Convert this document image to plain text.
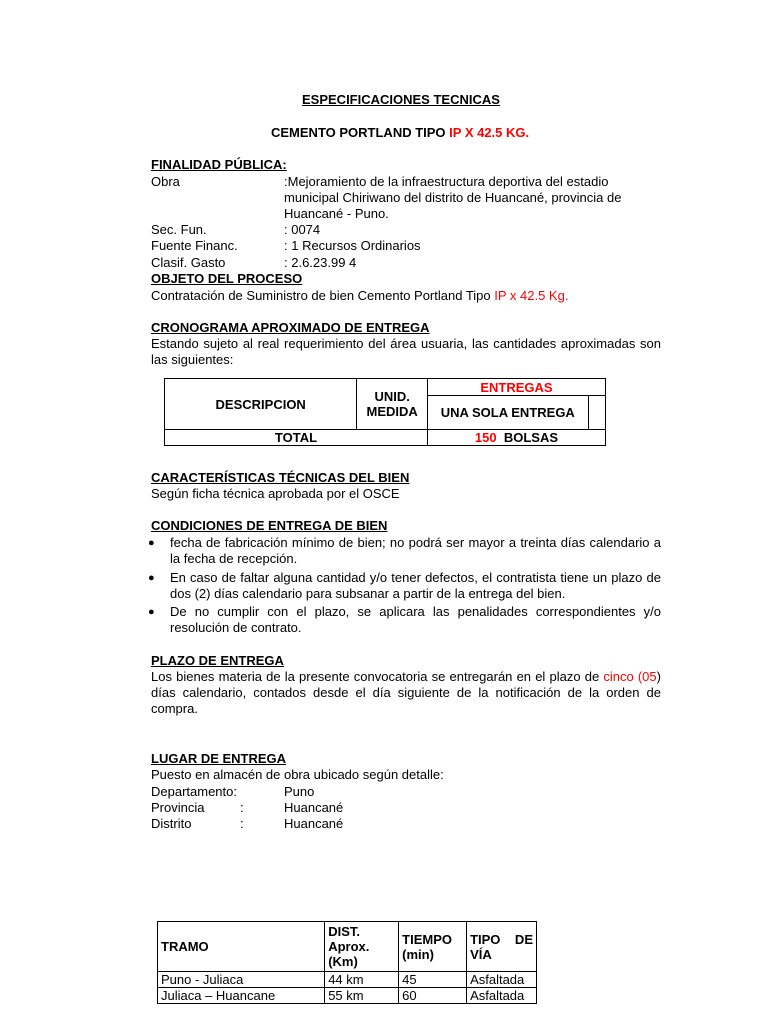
ESPECIFICACIONES TECNICAS
CEMENTO PORTLAND TIPO IP X 42.5 KG.
FINALIDAD PÚBLICA:
Obra	:Mejoramiento de la infraestructura deportiva del estadio
municipal Chiriwano del distrito de Huancané, provincia de
Huancané - Puno.
Sec. Fun.	: 0074
Fuente Financ.	: 1 Recursos Ordinarios
Clasif. Gasto	: 2.6.23.99 4
OBJETO DEL PROCESO
Contratación de Suministro de bien Cemento Portland Tipo IP x 42.5 Kg.
CRONOGRAMA APROXIMADO DE ENTREGA
Estando sujeto al real requerimiento del área usuaria, las cantidades aproximadas son las siguientes:
DESCRIPCION	UNID. MEDIDA	ENTREGAS	
		UNA SOLA ENTREGA	
TOTAL		150 BOLSAS	
CARACTERÍSTICAS TÉCNICAS DEL BIEN
Según ficha técnica aprobada por el OSCE
CONDICIONES DE ENTREGA DE BIEN
● fecha de fabricación mínimo de bien; no podrá ser mayor a treinta días calendario a la fecha de recepción.
● En caso de faltar alguna cantidad y/o tener defectos, el contratista tiene un plazo de dos (2) días calendario para subsanar a partir de la entrega del bien.
● De no cumplir con el plazo, se aplicara las penalidades correspondientes y/o resolución de contrato.
PLAZO DE ENTREGA
Los bienes materia de la presente convocatoria se entregarán en el plazo de cinco (05) días calendario, contados desde el día siguiente de la notificación de la orden de compra.
LUGAR DE ENTREGA
Puesto en almacén de obra ubicado según detalle:
Departamento:	Puno
Provincia	:	Huancané
Distrito	:	Huancané
TRAMO	DIST. Aprox. (Km)	TIEMPO (min)	TIPO DE VÍA
Puno - Juliaca	44 km	45	Asfaltada
Juliaca – Huancane	55 km	60	Asfaltada
